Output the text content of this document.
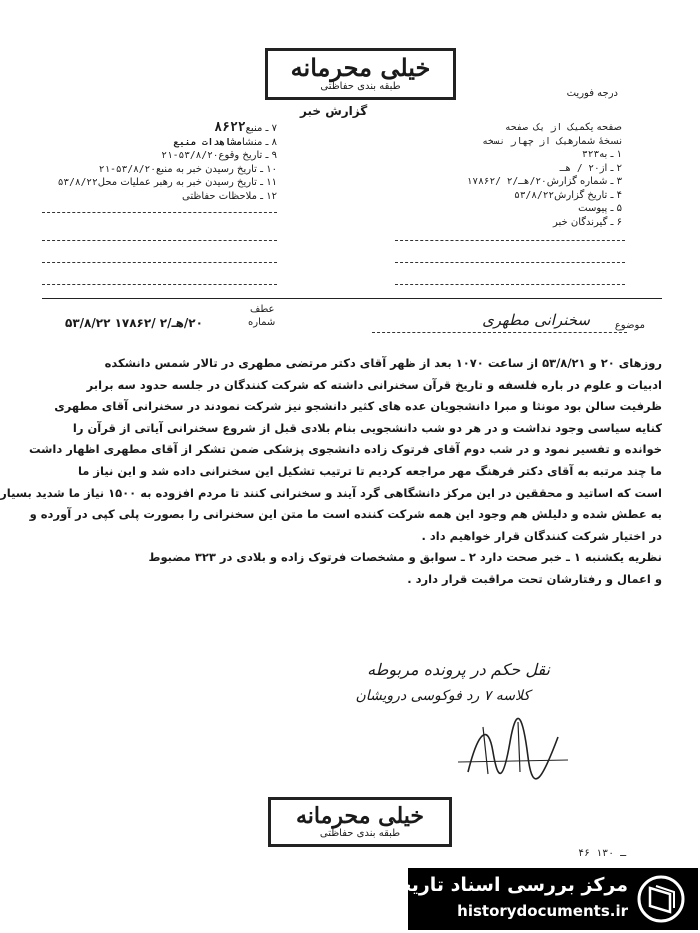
خیلی محرمانه
طبقه بندی حفاظتی
درجه فوریت
گزارش خبر
صفحه یکمیک از یک صفحه
نسخهٔ شمارهیک از چهار نسخه
۱ ـ به۳۲۳
۲ ـ از۲۰ / هـ
۳ ـ شماره گزارش۲۰/هـ/۲ /۱۷۸۶۲
۴ ـ تاریخ گزارش۵۳/۸/۲۲
۵ ـ پیوست
۶ ـ گیرندگان خبر
۷ ـ منبع۸۶۲۲
۸ ـ منشامشاهدات منبع
۹ ـ تاریخ وقوع۵۳/۸/۲۰-۲۱
۱۰ ـ تاریخ رسیدن خبر به منبع۵۳/۸/۲۰-۲۱
۱۱ ـ تاریخ رسیدن خبر به رهبر عملیات محل۵۳/۸/۲۲
۱۲ ـ ملاحظات حفاظتی
عطف
موضوع
سخنرانی مطهری
شماره
۲۰/هـ/۲ /۱۷۸۶۲ ۵۳/۸/۲۲

روزهای ۲۰ و ۵۳/۸/۲۱ از ساعت ۱۰۷۰ بعد از ظهر آقای دکتر مرتضی مطهری در تالار شمس دانشکده

ادبیات و علوم در باره فلسفه و تاریخ قرآن سخنرانی داشته که شرکت کنندگان در جلسه حدود سه برابر

ظرفیت سالن بود مونثا و مبرا دانشجویان عده های کثیر دانشجو نیز شرکت نمودند در سخنرانی آقای مطهری

کنایه سیاسی وجود نداشت و در هر دو شب دانشجویی بنام بلادی قبل از شروع سخنرانی آیاتی از قرآن را

خوانده و تفسیر نمود و در شب دوم آقای فرتوک زاده دانشجوی پزشکی ضمن تشکر از آقای مطهری اظهار داشت

ما چند مرتبه به آقای دکتر فرهنگ مهر مراجعه کردیم تا ترتیب تشکیل این سخنرانی داده شد و این نیاز ما

است که اساتید و محققین در این مرکز دانشگاهی گرد آیند و سخنرانی کنند تا مردم افزوده به ۱۵۰۰ نیاز ما شدید بسیار

به عطش شده و دلیلش هم وجود این همه شرکت کننده است ما متن این سخنرانی را بصورت پلی کپی در آورده و

در اختیار شرکت کنندگان قرار خواهیم داد .

نظریه یکشنبه ۱ ـ خبر صحت دارد ۲ ـ سوابق و مشخصات فرتوک زاده و بلادی در ۳۲۳ مضبوط

و اعمال و رفتارشان تحت مراقبت قرار دارد .

نقل حکم در پرونده مربوطه
کلاسه ۷ رد فوکوسی درویشان
خیلی محرمانه
طبقه بندی حفاظتی
۴۶ ـ ۱۳۰
مرکز بررسی اسناد تاریخی
historydocuments.ir
